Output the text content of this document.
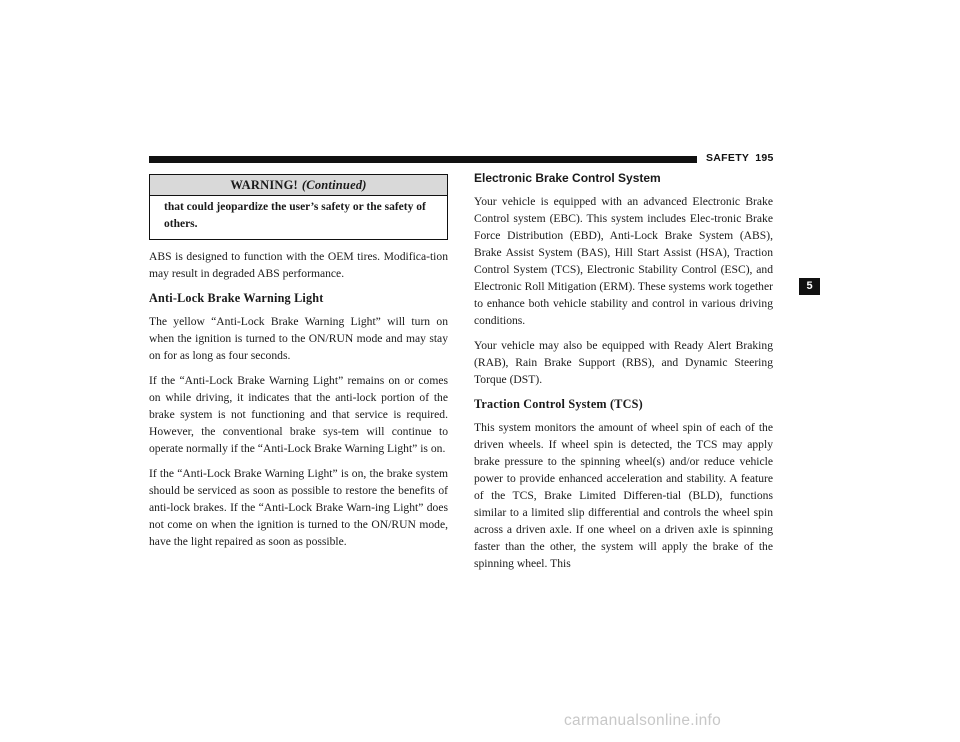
SAFETY 195
5
WARNING! (Continued)
that could jeopardize the user’s safety or the safety of others.

ABS is designed to function with the OEM tires. Modifica-tion may result in degraded ABS performance.

Anti-Lock Brake Warning Light

The yellow “Anti-Lock Brake Warning Light” will turn on when the ignition is turned to the ON/RUN mode and may stay on for as long as four seconds.

If the “Anti-Lock Brake Warning Light” remains on or comes on while driving, it indicates that the anti-lock portion of the brake system is not functioning and that service is required. However, the conventional brake sys-tem will continue to operate normally if the “Anti-Lock Brake Warning Light” is on.

If the “Anti-Lock Brake Warning Light” is on, the brake system should be serviced as soon as possible to restore the benefits of anti-lock brakes. If the “Anti-Lock Brake Warn-ing Light” does not come on when the ignition is turned to the ON/RUN mode, have the light repaired as soon as possible.

Electronic Brake Control System

Your vehicle is equipped with an advanced Electronic Brake Control system (EBC). This system includes Elec-tronic Brake Force Distribution (EBD), Anti-Lock Brake System (ABS), Brake Assist System (BAS), Hill Start Assist (HSA), Traction Control System (TCS), Electronic Stability Control (ESC), and Electronic Roll Mitigation (ERM). These systems work together to enhance both vehicle stability and control in various driving conditions.

Your vehicle may also be equipped with Ready Alert Braking (RAB), Rain Brake Support (RBS), and Dynamic Steering Torque (DST).

Traction Control System (TCS)

This system monitors the amount of wheel spin of each of the driven wheels. If wheel spin is detected, the TCS may apply brake pressure to the spinning wheel(s) and/or reduce vehicle power to provide enhanced acceleration and stability. A feature of the TCS, Brake Limited Differen-tial (BLD), functions similar to a limited slip differential and controls the wheel spin across a driven axle. If one wheel on a driven axle is spinning faster than the other, the system will apply the brake of the spinning wheel. This

carmanualsonline.info
